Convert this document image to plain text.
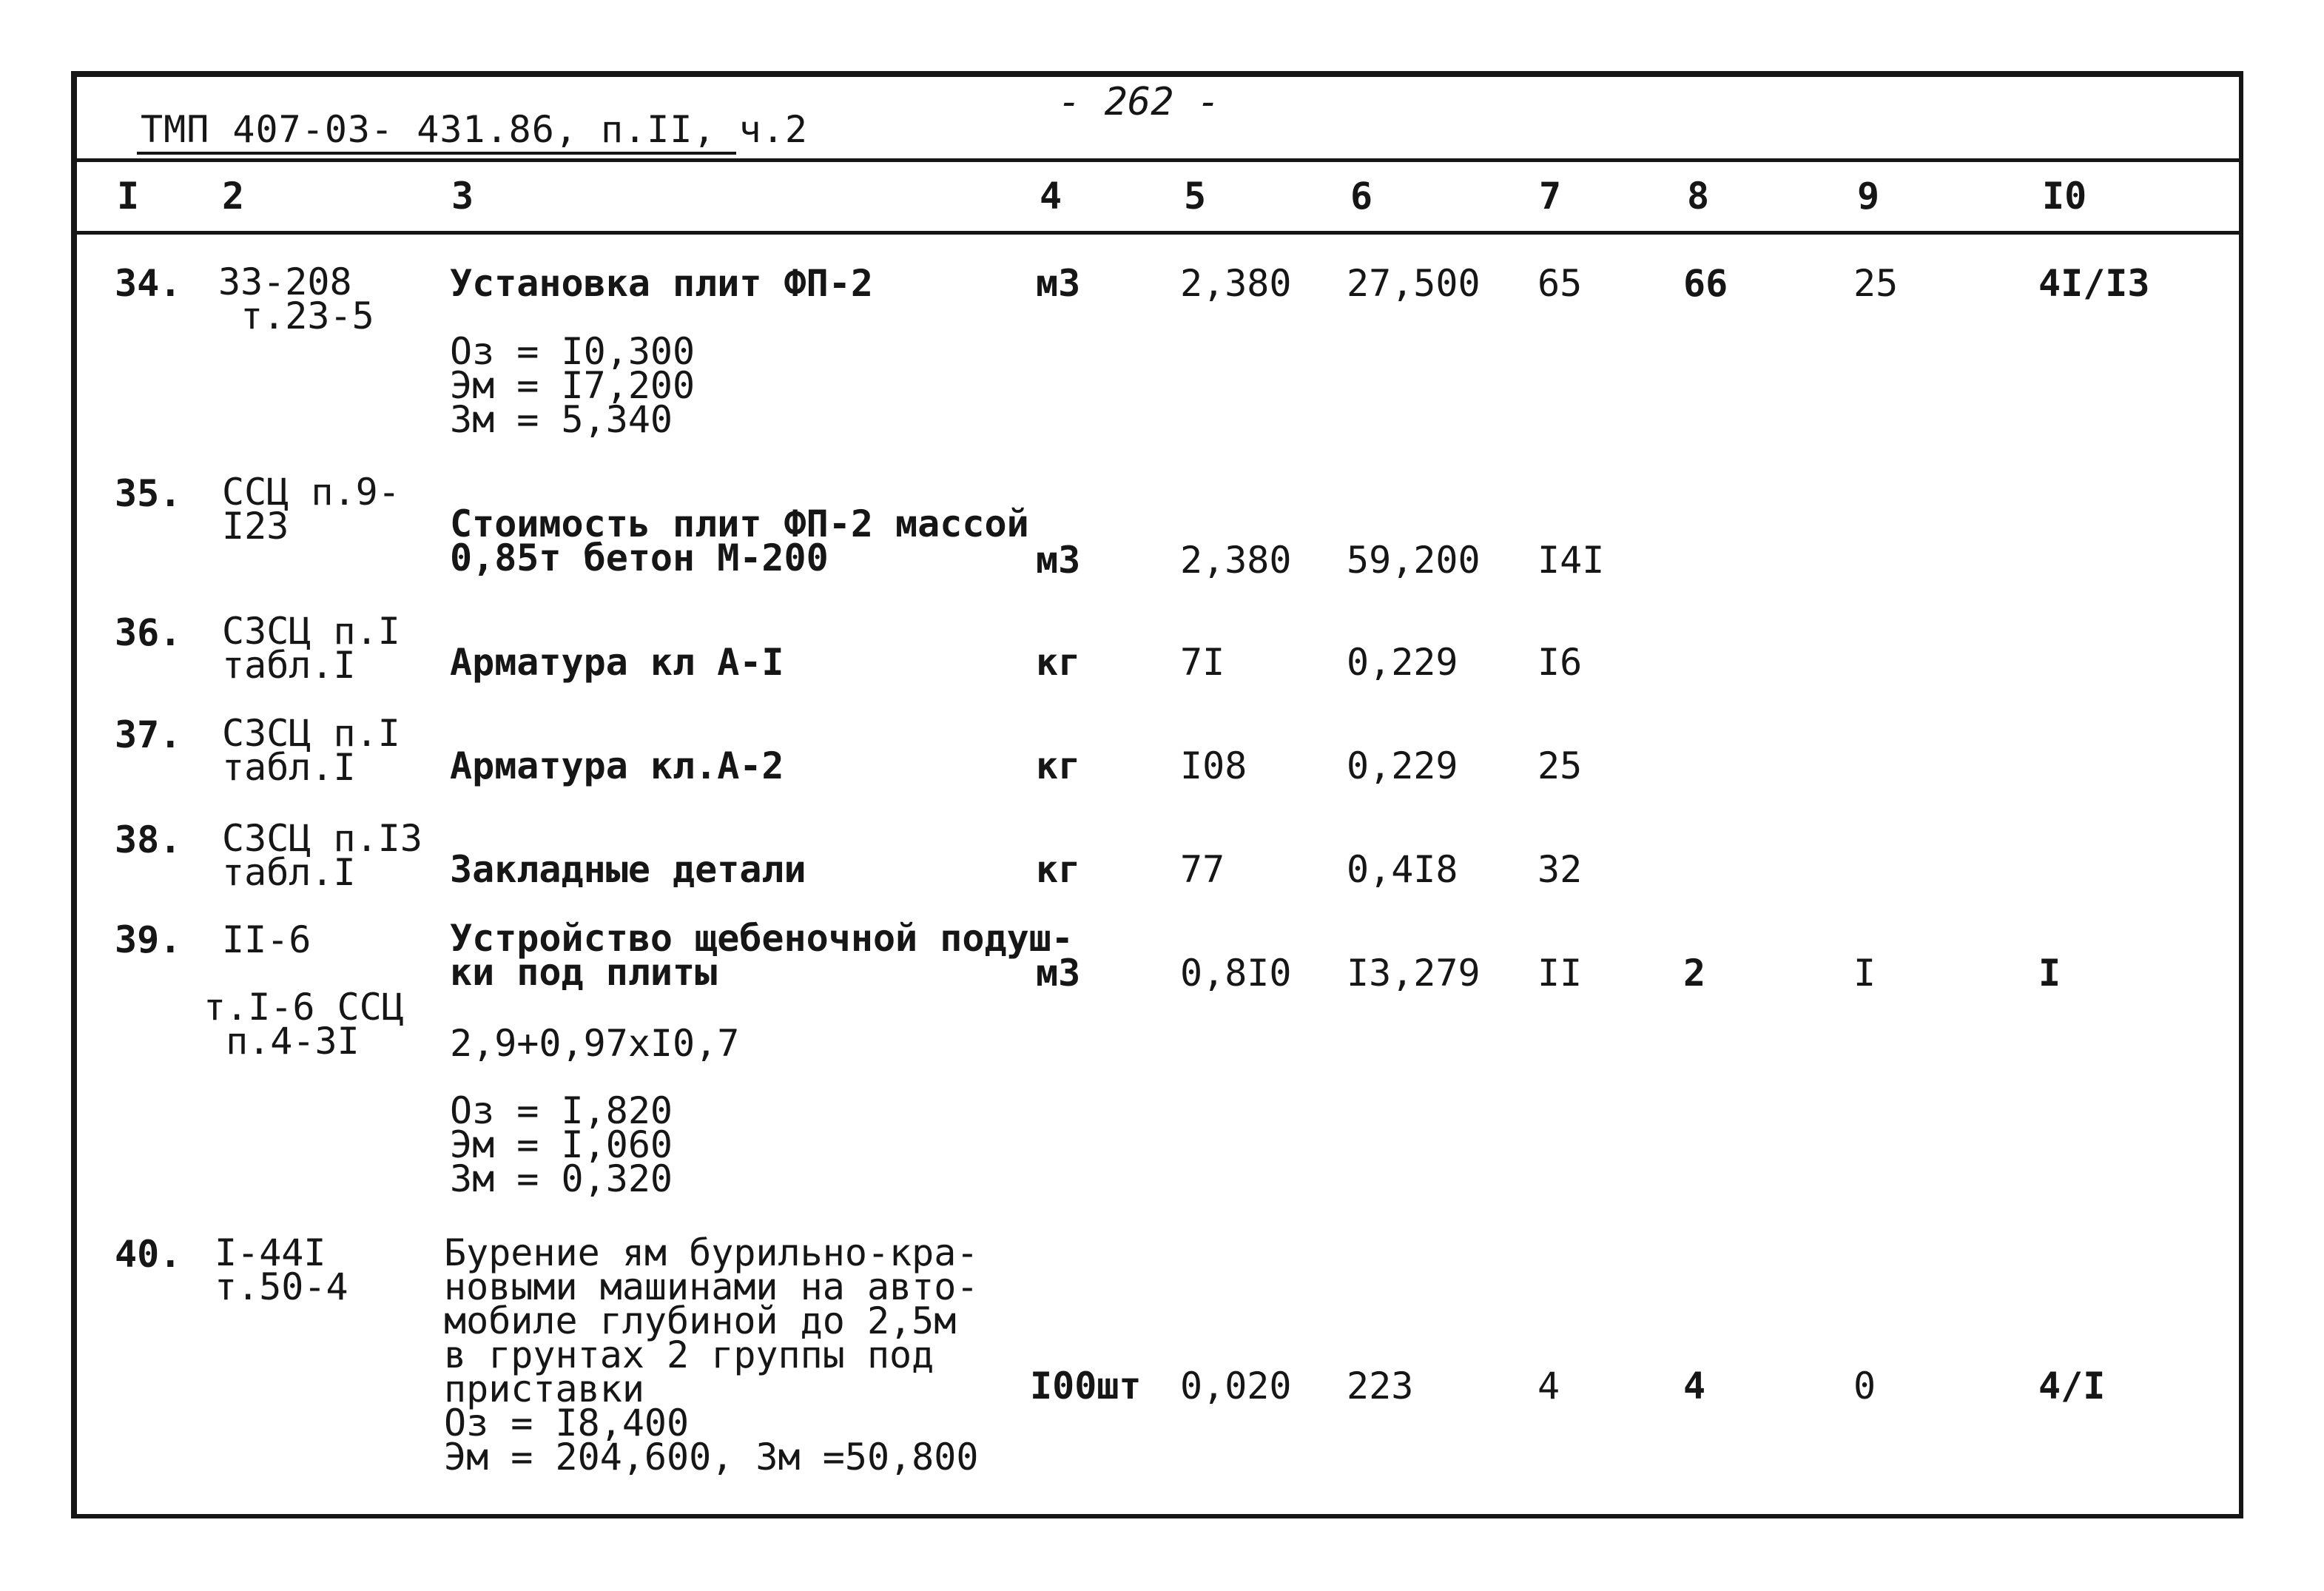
ТМП 407-03- 431.86, п.II, ч.2
- 262 -
I 2	3	4	5	6	7	8	9	I0
34. 33-208
т.23-5
Установка плит ФП-2
Оз = I0,300
Эм = I7,200
Зм = 5,340
м3	2,380 27,500 65	66	25	4I/I3
35. ССЦ п.9-
I23	Стоимость плит ФП-2 массой
0,85т бетон М-200	м3	2,380 59,200 I4I
36. СЗСЦ п.I
табл.I	Арматура кл А-I	кг	7I	0,229 I6
37. СЗСЦ п.I
табл.I	Арматура кл.А-2	кг	I08	0,229 25
38. СЗСЦ п.I3
табл.I	Закладные детали	кг	77	0,4I8 32
39. II-6
т.I-6 ССЦ
п.4-3I
Устройство щебеночной подуш-
ки под плиты
2,9+0,97хI0,7
Оз = I,820
Эм = I,060
Зм = 0,320
м3	0,8I0 I3,279 II	2	I	I
40. I-44I
т.50-4
Бурение ям бурильно-кра-
новыми машинами на авто-
мобиле глубиной до 2,5м
в грунтах 2 группы под
приставки
Оз = I8,400
Эм = 204,600, Зм =50,800
I00шт 0,020 223	4	4	0	4/I
